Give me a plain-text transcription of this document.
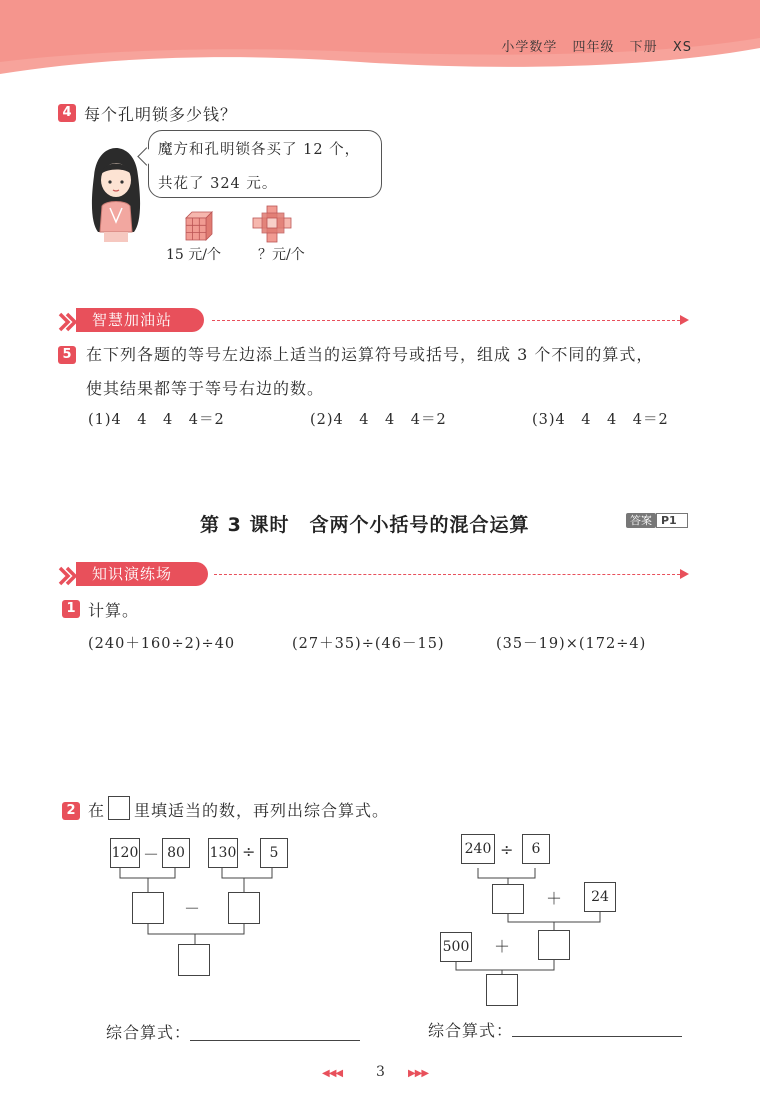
小学数学 四年级 下册 XS
4 每个孔明锁多少钱？
魔方和孔明锁各买了 12 个，
共花了 324 元。
15 元/个	？元/个
智慧加油站
5 在下列各题的等号左边添上适当的运算符号或括号，组成 3 个不同的算式，
使其结果都等于等号右边的数。
(1)4　4　4　4＝2	(2)4　4　4　4＝2	(3)4　4　4　4＝2
第 3 课时　含两个小括号的混合运算	答案 P1
知识演练场
1 计算。
(240＋160÷2)÷40	(27＋35)÷(46－15)	(35－19)×(172÷4)
2 在 里填适当的数，再列出综合算式。
120 － 80	130 ÷	5
－
综合算式：
240 ÷	6
＋	24
500 ＋
综合算式：
◀◀◀ 3 ▶▶▶
